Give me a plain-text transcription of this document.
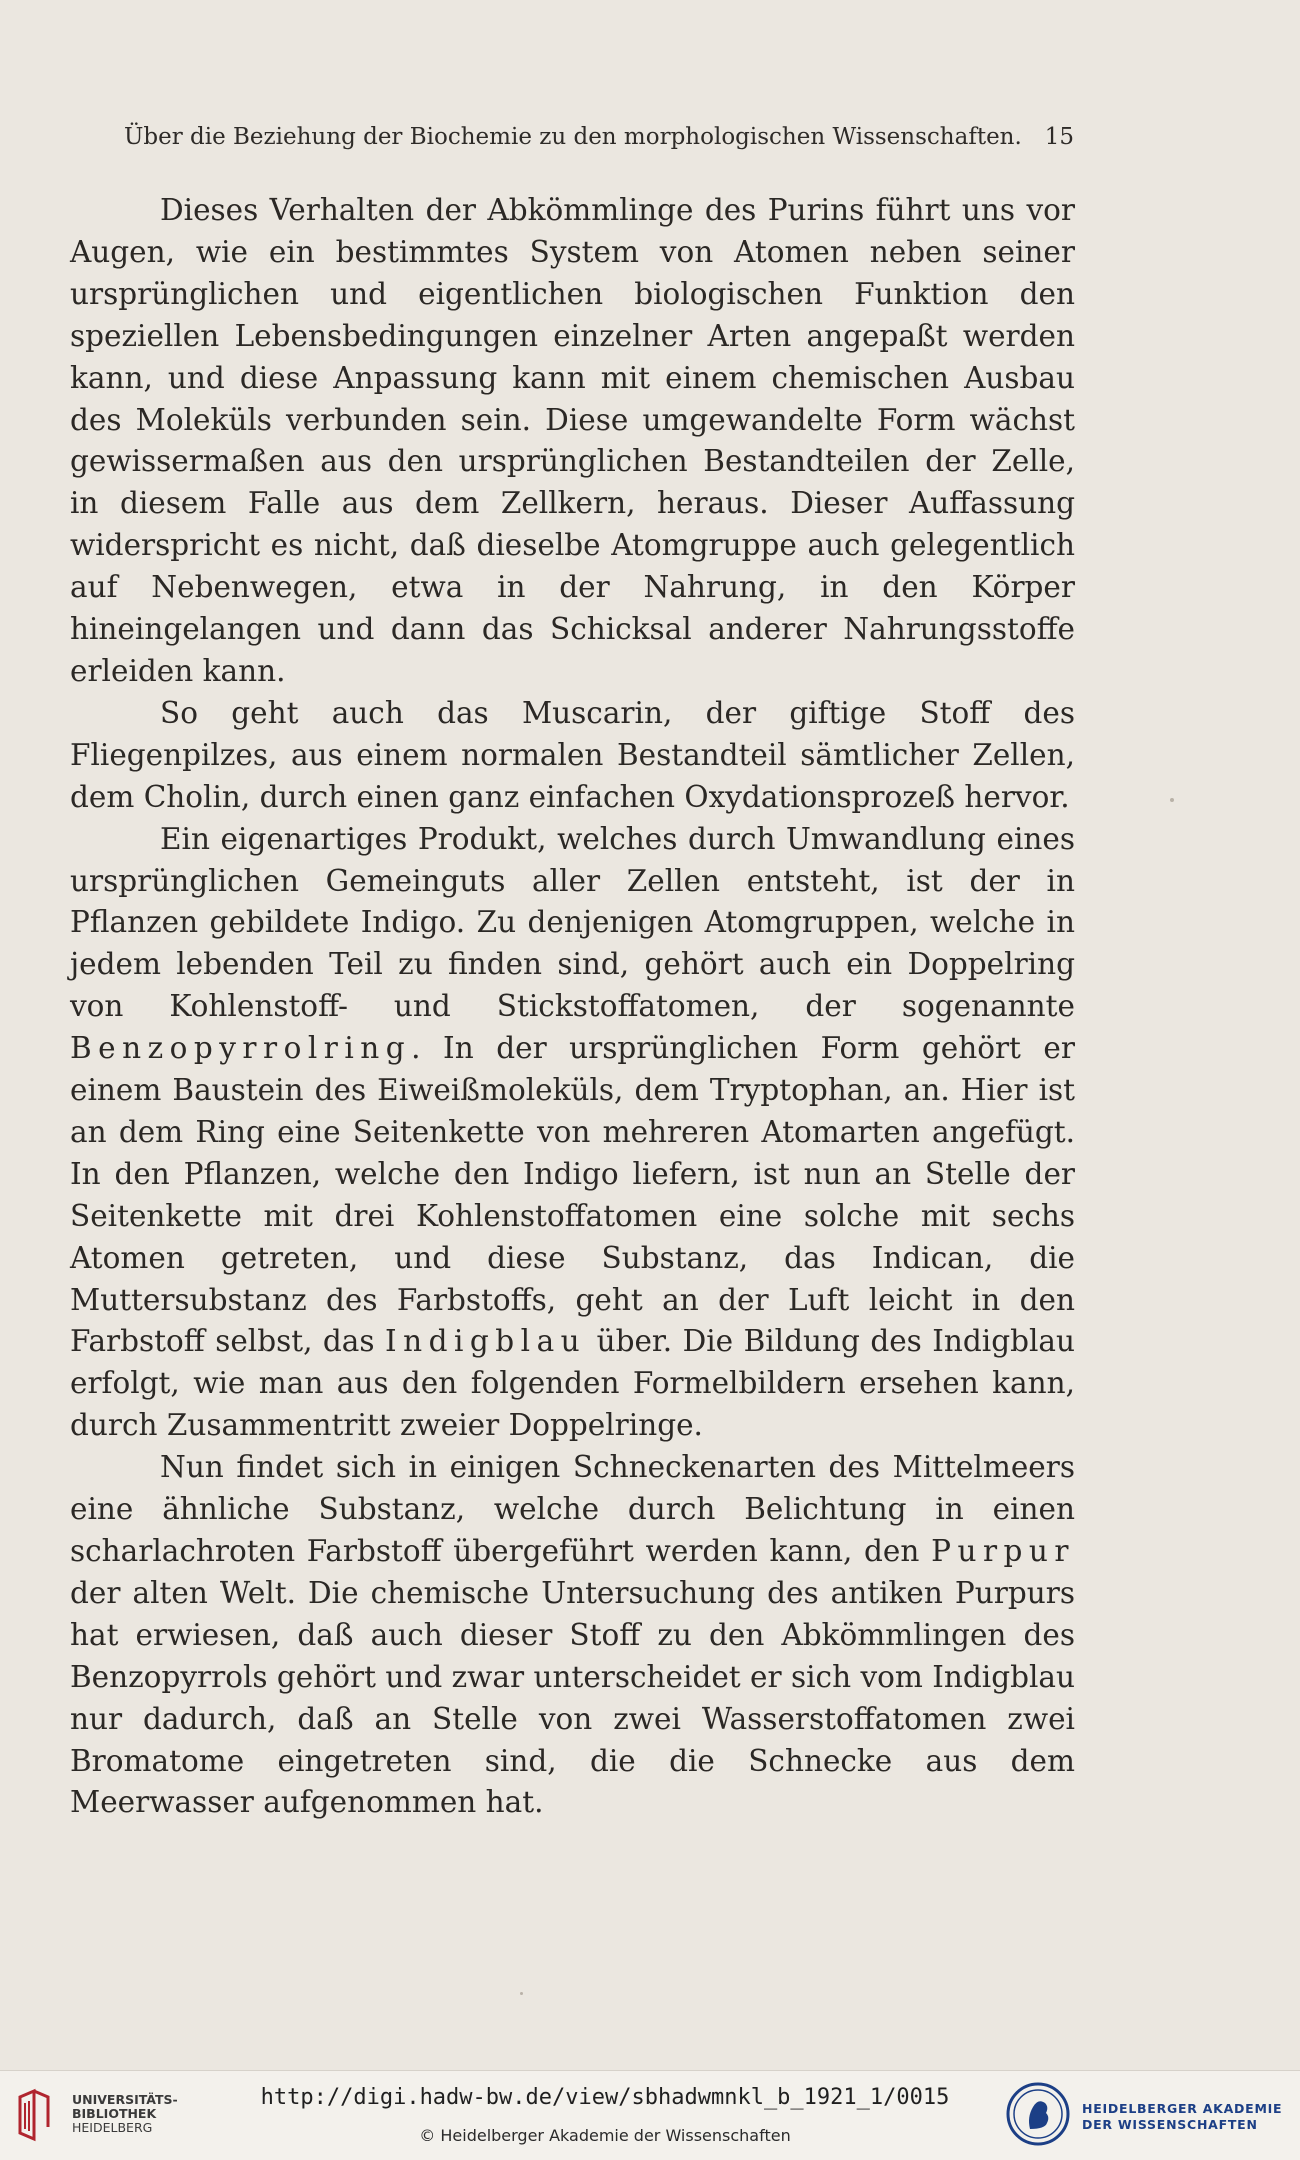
Über die Beziehung der Biochemie zu den morphologischen Wissenschaften. 15

Dieses Verhalten der Abkömmlinge des Purins führt uns vor Augen, wie ein bestimmtes System von Atomen neben seiner ursprünglichen und eigentlichen biologischen Funktion den speziellen Lebensbedingungen einzelner Arten angepaßt werden kann, und diese Anpassung kann mit einem chemischen Ausbau des Moleküls verbunden sein. Diese umgewandelte Form wächst gewissermaßen aus den ursprünglichen Bestandteilen der Zelle, in diesem Falle aus dem Zellkern, heraus. Dieser Auffassung widerspricht es nicht, daß dieselbe Atomgruppe auch gelegentlich auf Nebenwegen, etwa in der Nahrung, in den Körper hineingelangen und dann das Schicksal anderer Nahrungsstoffe erleiden kann.

So geht auch das Muscarin, der giftige Stoff des Fliegenpilzes, aus einem normalen Bestandteil sämtlicher Zellen, dem Cholin, durch einen ganz einfachen Oxydationsprozeß hervor.

Ein eigenartiges Produkt, welches durch Umwandlung eines ursprünglichen Gemeinguts aller Zellen entsteht, ist der in Pflanzen gebildete Indigo. Zu denjenigen Atomgruppen, welche in jedem lebenden Teil zu finden sind, gehört auch ein Doppelring von Kohlenstoff- und Stickstoffatomen, der sogenannte Benzopyrrolring. In der ursprünglichen Form gehört er einem Baustein des Eiweißmoleküls, dem Tryptophan, an. Hier ist an dem Ring eine Seitenkette von mehreren Atomarten angefügt. In den Pflanzen, welche den Indigo liefern, ist nun an Stelle der Seitenkette mit drei Kohlenstoffatomen eine solche mit sechs Atomen getreten, und diese Substanz, das Indican, die Muttersubstanz des Farbstoffs, geht an der Luft leicht in den Farbstoff selbst, das Indigblau über. Die Bildung des Indigblau erfolgt, wie man aus den folgenden Formelbildern ersehen kann, durch Zusammentritt zweier Doppelringe.

Nun findet sich in einigen Schneckenarten des Mittelmeers eine ähnliche Substanz, welche durch Belichtung in einen scharlachroten Farbstoff übergeführt werden kann, den Purpur der alten Welt. Die chemische Untersuchung des antiken Purpurs hat erwiesen, daß auch dieser Stoff zu den Abkömmlingen des Benzopyrrols gehört und zwar unterscheidet er sich vom Indigblau nur dadurch, daß an Stelle von zwei Wasserstoffatomen zwei Bromatome eingetreten sind, die die Schnecke aus dem Meerwasser aufgenommen hat.

UNIVERSITÄTS-
BIBLIOTHEK
HEIDELBERG
http://digi.hadw-bw.de/view/sbhadwmnkl_b_1921_1/0015
© Heidelberger Akademie der Wissenschaften
HEIDELBERGER AKADEMIE
DER WISSENSCHAFTEN
